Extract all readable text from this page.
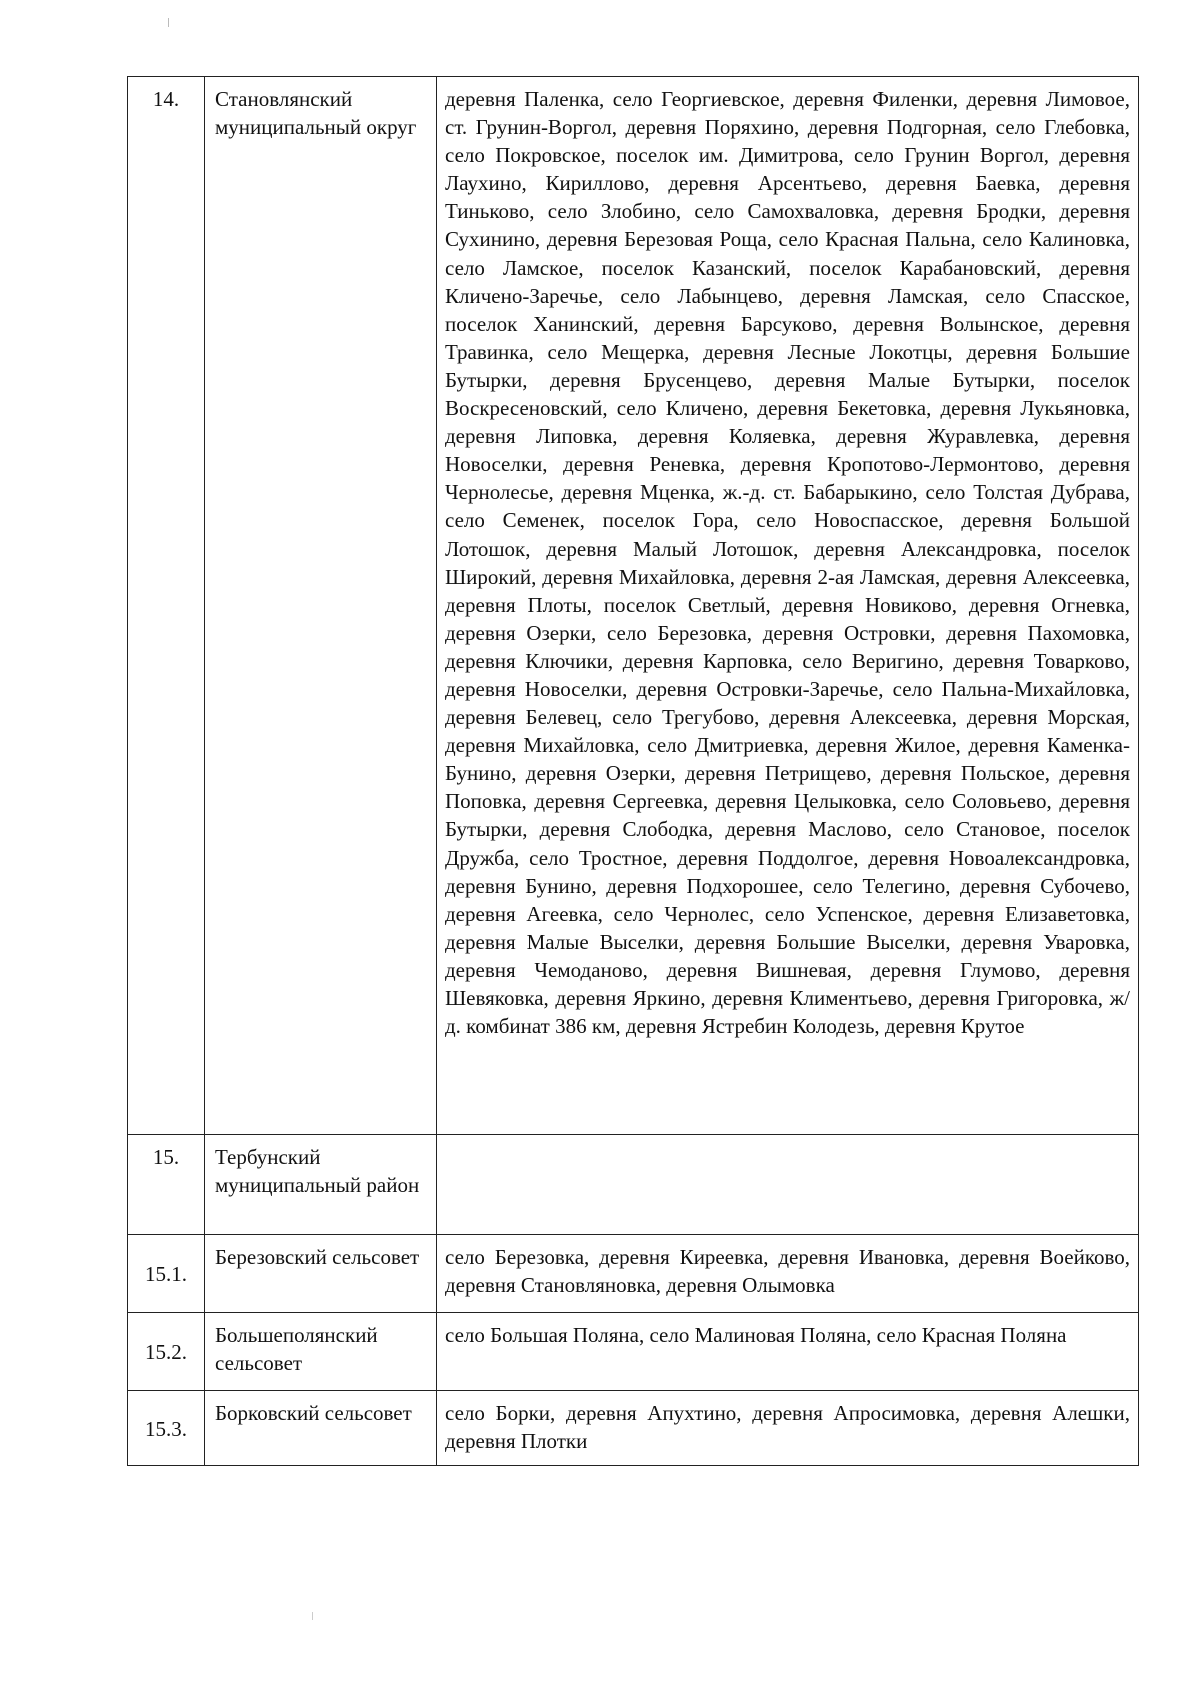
14.	Становлянский муниципальный округ	деревня Паленка, село Георгиевское, деревня Филенки, деревня Лимовое, ст. Грунин-Воргол, деревня Поряхино, деревня Подгорная, село Глебовка, село Покровское, поселок им. Димитрова, село Грунин Воргол, деревня Лаухино, Кириллово, деревня Арсентьево, деревня Баевка, деревня Тиньково, село Злобино, село Самохваловка, деревня Бродки, деревня Сухинино, деревня Березовая Роща, село Красная Пальна, село Калиновка, село Ламское, поселок Казанский, поселок Карабановский, деревня Кличено-Заречье, село Лабынцево, деревня Ламская, село Спасское, поселок Ханинский, деревня Барсуково, деревня Волынское, деревня Травинка, село Мещерка, деревня Лесные Локотцы, деревня Большие Бутырки, деревня Брусенцево, деревня Малые Бутырки, поселок Воскресеновский, село Кличено, деревня Бекетовка, деревня Лукьяновка, деревня Липовка, деревня Коляевка, деревня Журавлевка, деревня Новоселки, деревня Реневка, деревня Кропотово-Лермонтово, деревня Чернолесье, деревня Мценка, ж.-д. ст. Бабарыкино, село Толстая Дубрава, село Семенек, поселок Гора, село Новоспасское, деревня Большой Лотошок, деревня Малый Лотошок, деревня Александровка, поселок Широкий, деревня Михайловка, деревня 2-ая Ламская, деревня Алексеевка, деревня Плоты, поселок Светлый, деревня Новиково, деревня Огневка, деревня Озерки, село Березовка, деревня Островки, деревня Пахомовка, деревня Ключики, деревня Карповка, село Веригино, деревня Товарково, деревня Новоселки, деревня Островки-Заречье, село Пальна-Михайловка, деревня Белевец, село Трегубово, деревня Алексеевка, деревня Морская, деревня Михайловка, село Дмитриевка, деревня Жилое, деревня Каменка-Бунино, деревня Озерки, деревня Петрищево, деревня Польское, деревня Поповка, деревня Сергеевка, деревня Целыковка, село Соловьево, деревня Бутырки, деревня Слободка, деревня Маслово, село Становое, поселок Дружба, село Тростное, деревня Поддолгое, деревня Новоалександровка, деревня Бунино, деревня Подхорошее, село Телегино, деревня Субочево, деревня Агеевка, село Чернолес, село Успенское, деревня Елизаветовка, деревня Малые Выселки, деревня Большие Выселки, деревня Уваровка, деревня Чемоданово, деревня Вишневая, деревня Глумово, деревня Шевяковка, деревня Яркино, деревня Климентьево, деревня Григоровка, ж/д. комбинат 386 км, деревня Ястребин Колодезь, деревня Крутое
15.	Тербунский муниципальный район	
15.1.	Березовский сельсовет	село Березовка, деревня Киреевка, деревня Ивановка, деревня Воейково, деревня Становляновка, деревня Олымовка
15.2.	Большеполянский сельсовет	село Большая Поляна, село Малиновая Поляна, село Красная Поляна
15.3.	Борковский сельсовет	село Борки, деревня Апухтино, деревня Апросимовка, деревня Алешки, деревня Плотки
